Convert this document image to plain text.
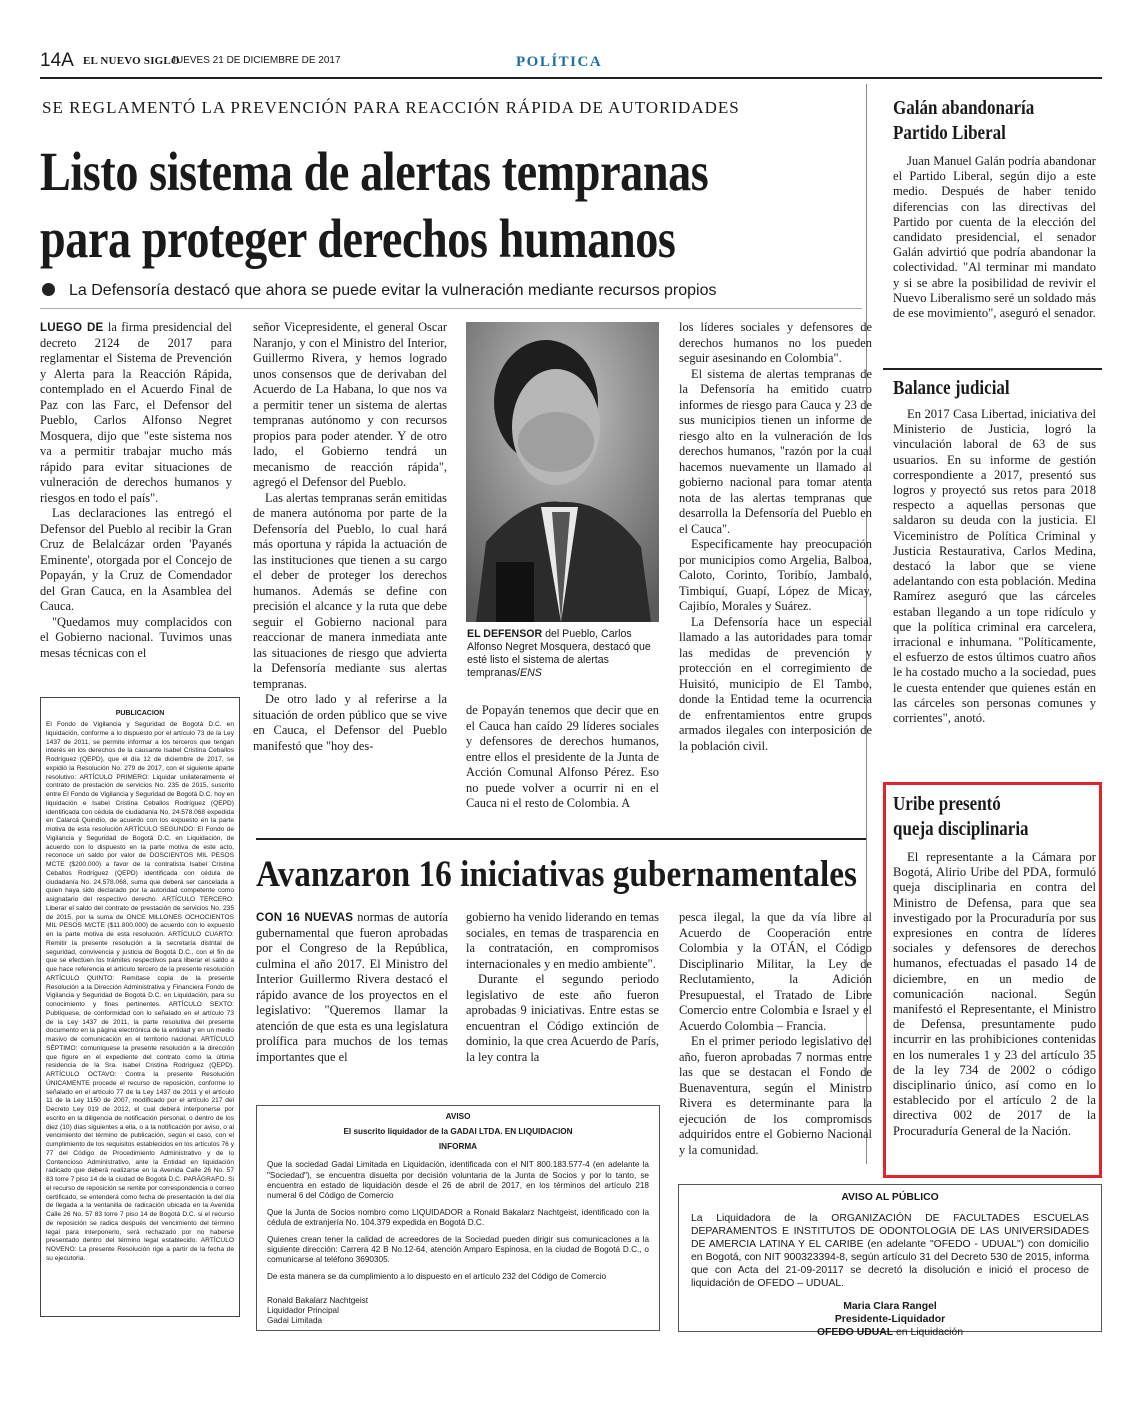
14A EL NUEVO SIGLO
JUEVES 21 DE DICIEMBRE DE 2017	POLÍTICA
SE REGLAMENTÓ LA PREVENCIÓN PARA REACCIÓN RÁPIDA DE AUTORIDADES
Listo sistema de alertas tempranas
para proteger derechos humanos
La Defensoría destacó que ahora se puede evitar la vulneración mediante recursos propios

LUEGO DE la firma presidencial del decreto 2124 de 2017 para reglamentar el Sistema de Prevención y Alerta para la Reacción Rápida, contemplado en el Acuerdo Final de Paz con las Farc, el Defensor del Pueblo, Carlos Alfonso Negret Mosquera, dijo que "este sistema nos va a permitir trabajar mucho más rápido para evitar situaciones de vulneración de derechos humanos y riesgos en todo el país".

Las declaraciones las entregó el Defensor del Pueblo al recibir la Gran Cruz de Belalcázar orden 'Payanés Eminente', otorgada por el Concejo de Popayán, y la Cruz de Comendador del Gran Cauca, en la Asamblea del Cauca.

"Quedamos muy complacidos con el Gobierno nacional. Tuvimos unas mesas técnicas con el

señor Vicepresidente, el general Oscar Naranjo, y con el Ministro del Interior, Guillermo Rivera, y hemos logrado unos consensos que de derivaban del Acuerdo de La Habana, lo que nos va a permitir tener un sistema de alertas tempranas autónomo y con recursos propios para poder atender. Y de otro lado, el Gobierno tendrá un mecanismo de reacción rápida", agregó el Defensor del Pueblo.

Las alertas tempranas serán emitidas de manera autónoma por parte de la Defensoría del Pueblo, lo cual hará más oportuna y rápida la actuación de las instituciones que tienen a su cargo el deber de proteger los derechos humanos. Además se define con precisión el alcance y la ruta que debe seguir el Gobierno nacional para reaccionar de manera inmediata ante las situaciones de riesgo que advierta la Defensoría mediante sus alertas tempranas.

De otro lado y al referirse a la situación de orden público que se vive en Cauca, el Defensor del Pueblo manifestó que "hoy des-

EL DEFENSOR del Pueblo, Carlos Alfonso Negret Mosquera, destacó que esté listo el sistema de alertas tempranas/ENS

de Popayán tenemos que decir que en el Cauca han caído 29 líderes sociales y defensores de derechos humanos, entre ellos el presidente de la Junta de Acción Comunal Alfonso Pérez. Eso no puede volver a ocurrir ni en el Cauca ni el resto de Colombia. A

los líderes sociales y defensores de derechos humanos no los pueden seguir asesinando en Colombia".

El sistema de alertas tempranas de la Defensoría ha emitido cuatro informes de riesgo para Cauca y 23 de sus municipios tienen un informe de riesgo alto en la vulneración de los derechos humanos, "razón por la cual hacemos nuevamente un llamado al gobierno nacional para tomar atenta nota de las alertas tempranas que desarrolla la Defensoría del Pueblo en el Cauca".

Especificamente hay preocupación por municipios como Argelia, Balboa, Caloto, Corinto, Toribío, Jambaló, Timbiquí, Guapí, López de Micay, Cajibío, Morales y Suárez.

La Defensoría hace un especial llamado a las autoridades para tomar las medidas de prevención y protección en el corregimiento de Huisitó, municipio de El Tambo, donde la Entidad teme la ocurrencia de enfrentamientos entre grupos armados ilegales con interposición de la población civil.

Galán abandonaría
Partido Liberal

Juan Manuel Galán podría abandonar el Partido Liberal, según dijo a este medio. Después de haber tenido diferencias con las directivas del Partido por cuenta de la elección del candidato presidencial, el senador Galán advirtió que podría abandonar la colectividad. "Al terminar mi mandato y si se abre la posibilidad de revivir el Nuevo Liberalismo seré un soldado más de ese movimiento", aseguró el senador.

Balance judicial

En 2017 Casa Libertad, iniciativa del Ministerio de Justicia, logró la vinculación laboral de 63 de sus usuarios. En su informe de gestión correspondiente a 2017, presentó sus logros y proyectó sus retos para 2018 respecto a aquellas personas que saldaron su deuda con la justicia. El Viceministro de Política Criminal y Justicia Restaurativa, Carlos Medina, destacó la labor que se viene adelantando con esta población. Medina Ramírez aseguró que las cárceles estaban llegando a un tope ridículo y que la política criminal era carcelera, irracional e inhumana. "Políticamente, el esfuerzo de estos últimos cuatro años le ha costado mucho a la sociedad, pues le cuesta entender que quienes están en las cárceles son personas comunes y corrientes", anotó.

Uribe presentó
queja disciplinaria

El representante a la Cámara por Bogotá, Alirio Uribe del PDA, formuló queja disciplinaria en contra del Ministro de Defensa, para que sea investigado por la Procuraduría por sus expresiones en contra de líderes sociales y defensores de derechos humanos, efectuadas el pasado 14 de diciembre, en un medio de comunicación nacional. Según manifestó el Representante, el Ministro de Defensa, presuntamente pudo incurrir en las prohibiciones contenidas en los numerales 1 y 23 del artículo 35 de la ley 734 de 2002 o código disciplinario único, así como en lo establecido por el artículo 2 de la directiva 002 de 2017 de la Procuraduría General de la Nación.

PUBLICACION
El Fondo de Vigilancia y Seguridad de Bogotá D.C. en liquidación, conforme a lo dispuesto por el artículo 73 de la Ley 1437 de 2011, se permite informar a los terceros que tengan interés en los derechos de la causante Isabel Cristina Ceballos Rodríguez (QEPD), que el día 12 de diciembre de 2017, se expidió la Resolución No. 279 de 2017, con el siguiente aparte resolutivo: ARTÍCULO PRIMERO: Liquidar unilateralmente el contrato de prestación de servicios No. 235 de 2015, suscrito entre El Fondo de Vigilancia y Seguridad de Bogotá D.C. hoy en liquidación e Isabel Cristina Ceballos Rodríguez (QEPD) identificada con cédula de ciudadanía No. 24.578.068 expedida en Calarcá Quindío, de acuerdo con los expuesto en la parte motiva de esta resolución ARTÍCULO SEGUNDO: El Fondo de Vigilancia y Seguridad de Bogotá D.C. en Liquidación, de acuerdo con lo dispuesto en la parte motiva de este acto, reconoce un saldo por valor de DOSCIENTOS MIL PESOS MCTE ($200.000) a favor de la contratista Isabel Cristina Ceballos Rodríguez (QEPD) identificada con cédula de ciudadanía No. 24.578.068, suma que deberá ser cancelada a quien haya sido declarado por la autoridad competente como asignatario del respectivo derecho. ARTÍCULO TERCERO: Liberar el saldo del contrato de prestación de servicios No. 235 de 2015, por la suma de ONCE MILLONES OCHOCIENTOS MIL PESOS M/CTE ($11.800.000) de acuerdo con lo expuesto en la parte motiva de esta resolución. ARTÍCULO CUARTO: Remitir la presente resolución a la secretaría distrital de seguridad, convivencia y justicia de Bogotá D.C., con el fin de que se efectúen los trámites respectivos para liberar el saldo a que hace referencia el artículo tercero de la presente resolución ARTÍCULO QUINTO: Remítase copia de la presente Resolución a la Dirección Administrativa y Financiera Fondo de Vigilancia y Seguridad de Bogotá D.C. en Liquidación, para su conocimiento y fines pertinentes. ARTÍCULO SEXTO: Publíquese, de conformidad con lo señalado en el artículo 73 de la Ley 1437 de 2011, la parte resolutiva del presente documento en la página electrónica de la entidad y en un medio masivo de comunicación en el territorio nacional. ARTÍCULO SÉPTIMO: comuníquese la presente resolución a la dirección que figure en el expediente del contrato como la última residencia de la Sra. Isabel Cristina Rodríguez (QEPD). ARTÍCULO OCTAVO: Contra la presente Resolución ÚNICAMENTE procede el recurso de reposición, conforme lo señalado en el artículo 77 de la Ley 1437 de 2011 y el artículo 11 de la Ley 1150 de 2007, modificado por el artículo 217 del Decreto Ley 019 de 2012, el cual deberá interponerse por escrito en la diligencia de notificación personal, o dentro de los diez (10) días siguientes a ella, o a la notificación por aviso, o al vencimiento del término de publicación, según el caso, con el cumplimiento de los requisitos establecidos en los artículos 76 y 77 del Código de Procedimiento Administrativo y de lo Contencioso Administrativo, ante la Entidad en liquidación radicado que deberá realizarse en la Avenida Calle 26 No. 57 83 torre 7 piso 14 de la ciudad de Bogotá D.C. PARÁGRAFO. Si el recurso de reposición se remite por correspondencia o correo certificado, se entenderá como fecha de presentación la del día de llegada a la ventanilla de radicación ubicada en la Avenida Calle 26 No. 57 83 torre 7 piso 14 de Bogotá D.C. si el recurso de reposición se radica después del vencimiento del término legal para interponerlo, será rechazado por no haberse presentado dentro del término legal establecido. ARTÍCULO NOVENO: La presente Resolución rige a partir de la fecha de su ejecutoria.
Avanzaron 16 iniciativas gubernamentales

CON 16 NUEVAS normas de autoría gubernamental que fueron aprobadas por el Congreso de la República, culmina el año 2017. El Ministro del Interior Guillermo Rivera destacó el rápido avance de los proyectos en el legislativo: "Queremos llamar la atención de que esta es una legislatura prolífica para muchos de los temas importantes que el

gobierno ha venido liderando en temas sociales, en temas de trasparencia en la contratación, en compromisos internacionales y en medio ambiente".

Durante el segundo periodo legislativo de este año fueron aprobadas 9 iniciativas. Entre estas se encuentran el Código extinción de dominio, la que crea Acuerdo de París, la ley contra la

pesca ilegal, la que da vía libre al Acuerdo de Cooperación entre Colombia y la OTÁN, el Código Disciplinario Militar, la Ley de Reclutamiento, la Adición Presupuestal, el Tratado de Libre Comercio entre Colombia e Israel y el Acuerdo Colombia – Francia.

En el primer periodo legislativo del año, fueron aprobadas 7 normas entre las que se destacan el Fondo de Buenaventura, según el Ministro Rivera es determinante para la ejecución de los compromisos adquiridos entre el Gobierno Nacional y la comunidad.

AVISO
El suscrito liquidador de la GADAI LTDA. EN LIQUIDACION
INFORMA

Que la sociedad Gadai Limitada en Liquidación, identificada con el NIT 800.183.577-4 (en adelante la "Sociedad"), se encuentra disuelta por decisión voluntaria de la Junta de Socios y por lo tanto, se encuentra en estado de liquidación desde el 26 de abril de 2017, en los términos del artículo 218 numeral 6 del Código de Comercio

Que la Junta de Socios nombro como LIQUIDADOR a Ronald Bakalarz Nachtgeist, identificado con la cédula de extranjería No. 104.379 expedida en Bogotá D.C.

Quienes crean tener la calidad de acreedores de la Sociedad pueden dirigir sus comunicaciones a la siguiente dirección: Carrera 42 B No.12-64, atención Amparo Espinosa, en la ciudad de Bogotá D.C., o comunicarse al teléfono 3690305.

De esta manera se da cumplimiento a lo dispuesto en el artículo 232 del Código de Comercio

Ronald Bakalarz Nachtgeist
Liquidador Principal
Gadai Limitada
AVISO AL PÚBLICO
La Liquidadora de la ORGANIZACIÓN DE FACULTADES ESCUELAS DEPARAMENTOS E INSTITUTOS DE ODONTOLOGIA DE LAS UNIVERSIDADES DE AMERCIA LATINA Y EL CARIBE (en adelante "OFEDO - UDUAL") con domicilio en Bogotá, con NIT 900323394-8, según artículo 31 del Decreto 530 de 2015, informa que con Acta del 21-09-20117 se decretó la disolución e inició el proceso de liquidación de OFEDO – UDUAL.
Maria Clara Rangel
Presidente-Liquidador
OFEDO UDUAL en Liquidación
